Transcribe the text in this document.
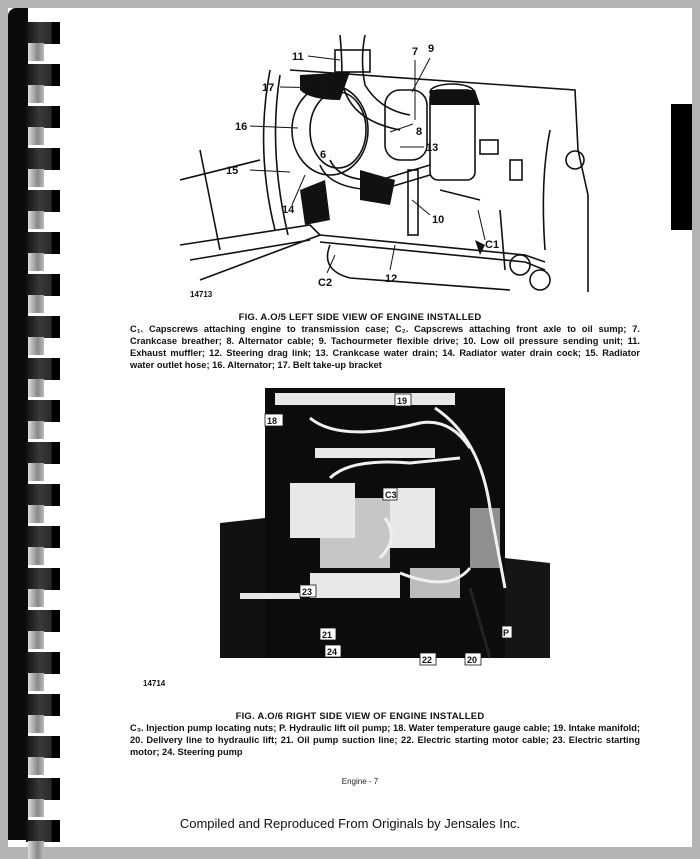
11	7 9
17
16	8
6
13
15
14
10
C1
C2	12
14713
FIG. A.O/5 LEFT SIDE VIEW OF ENGINE INSTALLED
C₁. Capscrews attaching engine to transmission case; C₂. Capscrews attaching front axle to oil sump; 7. Crankcase breather; 8. Alternator cable; 9. Tachourmeter flexible drive; 10. Low oil pressure sending unit; 11. Exhaust muffler; 12. Steering drag link; 13. Crankcase water drain; 14. Radiator water drain cock; 15. Radiator water outlet hose; 16. Alternator; 17. Belt take-up bracket
18
19
C3
23
21
24
22	20
P
14714
FIG. A.O/6 RIGHT SIDE VIEW OF ENGINE INSTALLED
C₃. Injection pump locating nuts; P. Hydraulic lift oil pump; 18. Water temperature gauge cable; 19. Intake manifold; 20. Delivery line to hydraulic lift; 21. Oil pump suction line; 22. Electric starting motor cable; 23. Electric starting motor; 24. Steering pump
Engine - 7
Compiled and Reproduced From Originals by Jensales Inc.
